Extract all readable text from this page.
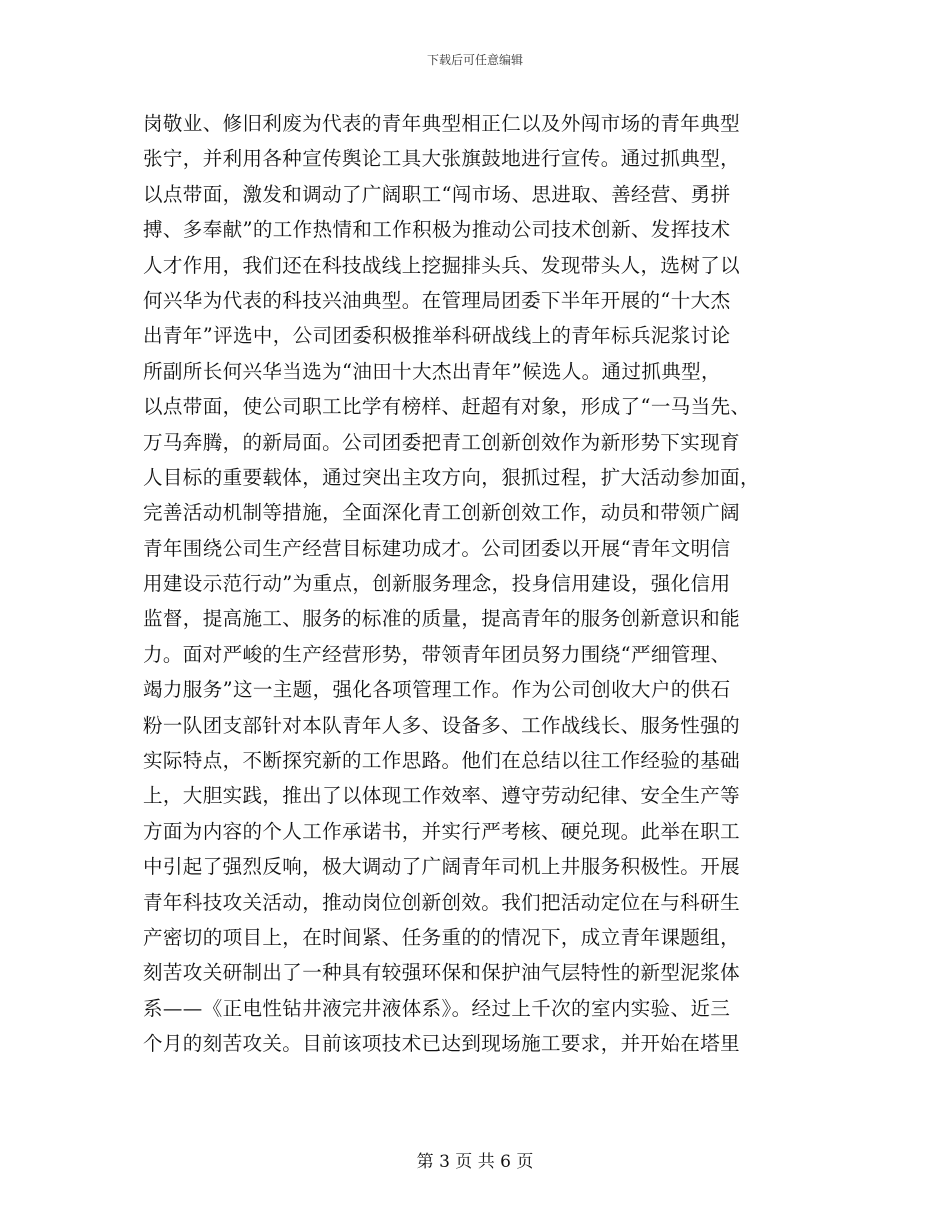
下载后可任意编辑
岗敬业、修旧利废为代表的青年典型相正仁以及外闯市场的青年典型
张宁，并利用各种宣传舆论工具大张旗鼓地进行宣传。通过抓典型，
以点带面，激发和调动了广阔职工“闯市场、思进取、善经营、勇拼
搏、多奉献”的工作热情和工作积极为推动公司技术创新、发挥技术
人才作用，我们还在科技战线上挖掘排头兵、发现带头人，选树了以
何兴华为代表的科技兴油典型。在管理局团委下半年开展的“十大杰
出青年”评选中，公司团委积极推举科研战线上的青年标兵泥浆讨论
所副所长何兴华当选为“油田十大杰出青年”候选人。通过抓典型，
以点带面，使公司职工比学有榜样、赶超有对象，形成了“一马当先、
万马奔腾，的新局面。公司团委把青工创新创效作为新形势下实现育
人目标的重要载体，通过突出主攻方向，狠抓过程，扩大活动参加面，
完善活动机制等措施，全面深化青工创新创效工作，动员和带领广阔
青年围绕公司生产经营目标建功成才。公司团委以开展“青年文明信
用建设示范行动”为重点，创新服务理念，投身信用建设，强化信用
监督，提高施工、服务的标准的质量，提高青年的服务创新意识和能
力。面对严峻的生产经营形势，带领青年团员努力围绕“严细管理、
竭力服务”这一主题，强化各项管理工作。作为公司创收大户的供石
粉一队团支部针对本队青年人多、设备多、工作战线长、服务性强的
实际特点，不断探究新的工作思路。他们在总结以往工作经验的基础
上，大胆实践，推出了以体现工作效率、遵守劳动纪律、安全生产等
方面为内容的个人工作承诺书，并实行严考核、硬兑现。此举在职工
中引起了强烈反响，极大调动了广阔青年司机上井服务积极性。开展
青年科技攻关活动，推动岗位创新创效。我们把活动定位在与科研生
产密切的项目上，在时间紧、任务重的的情况下，成立青年课题组，
刻苦攻关研制出了一种具有较强环保和保护油气层特性的新型泥浆体
系——《正电性钻井液完井液体系》。经过上千次的室内实验、近三
个月的刻苦攻关。目前该项技术已达到现场施工要求，并开始在塔里
第 3 页 共 6 页
